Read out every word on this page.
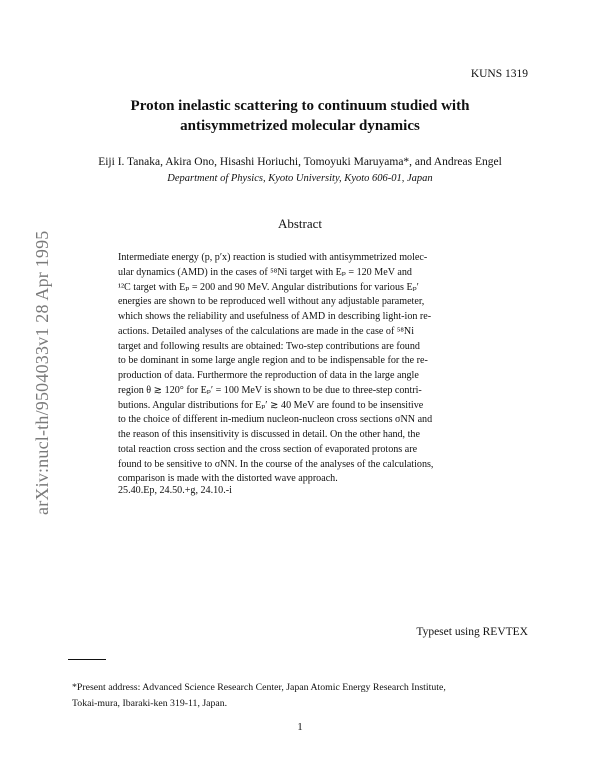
KUNS 1319
arXiv:nucl-th/9504033v1 28 Apr 1995
Proton inelastic scattering to continuum studied with
antisymmetrized molecular dynamics
Eiji I. Tanaka, Akira Ono, Hisashi Horiuchi, Tomoyuki Maruyama*, and Andreas Engel
Department of Physics, Kyoto University, Kyoto 606-01, Japan
Abstract
Intermediate energy (p, p′x) reaction is studied with antisymmetrized molec-
ular dynamics (AMD) in the cases of ⁵⁸Ni target with Eₚ = 120 MeV and
¹²C target with Eₚ = 200 and 90 MeV. Angular distributions for various Eₚ′
energies are shown to be reproduced well without any adjustable parameter,
which shows the reliability and usefulness of AMD in describing light-ion re-
actions. Detailed analyses of the calculations are made in the case of ⁵⁸Ni
target and following results are obtained: Two-step contributions are found
to be dominant in some large angle region and to be indispensable for the re-
production of data. Furthermore the reproduction of data in the large angle
region θ ≳ 120° for Eₚ′ = 100 MeV is shown to be due to three-step contri-
butions. Angular distributions for Eₚ′ ≳ 40 MeV are found to be insensitive
to the choice of different in-medium nucleon-nucleon cross sections σNN and
the reason of this insensitivity is discussed in detail. On the other hand, the
total reaction cross section and the cross section of evaporated protons are
found to be sensitive to σNN. In the course of the analyses of the calculations,
comparison is made with the distorted wave approach.
25.40.Ep, 24.50.+g, 24.10.-i
Typeset using REVTEX
*Present address: Advanced Science Research Center, Japan Atomic Energy Research Institute,
Tokai-mura, Ibaraki-ken 319-11, Japan.
1
